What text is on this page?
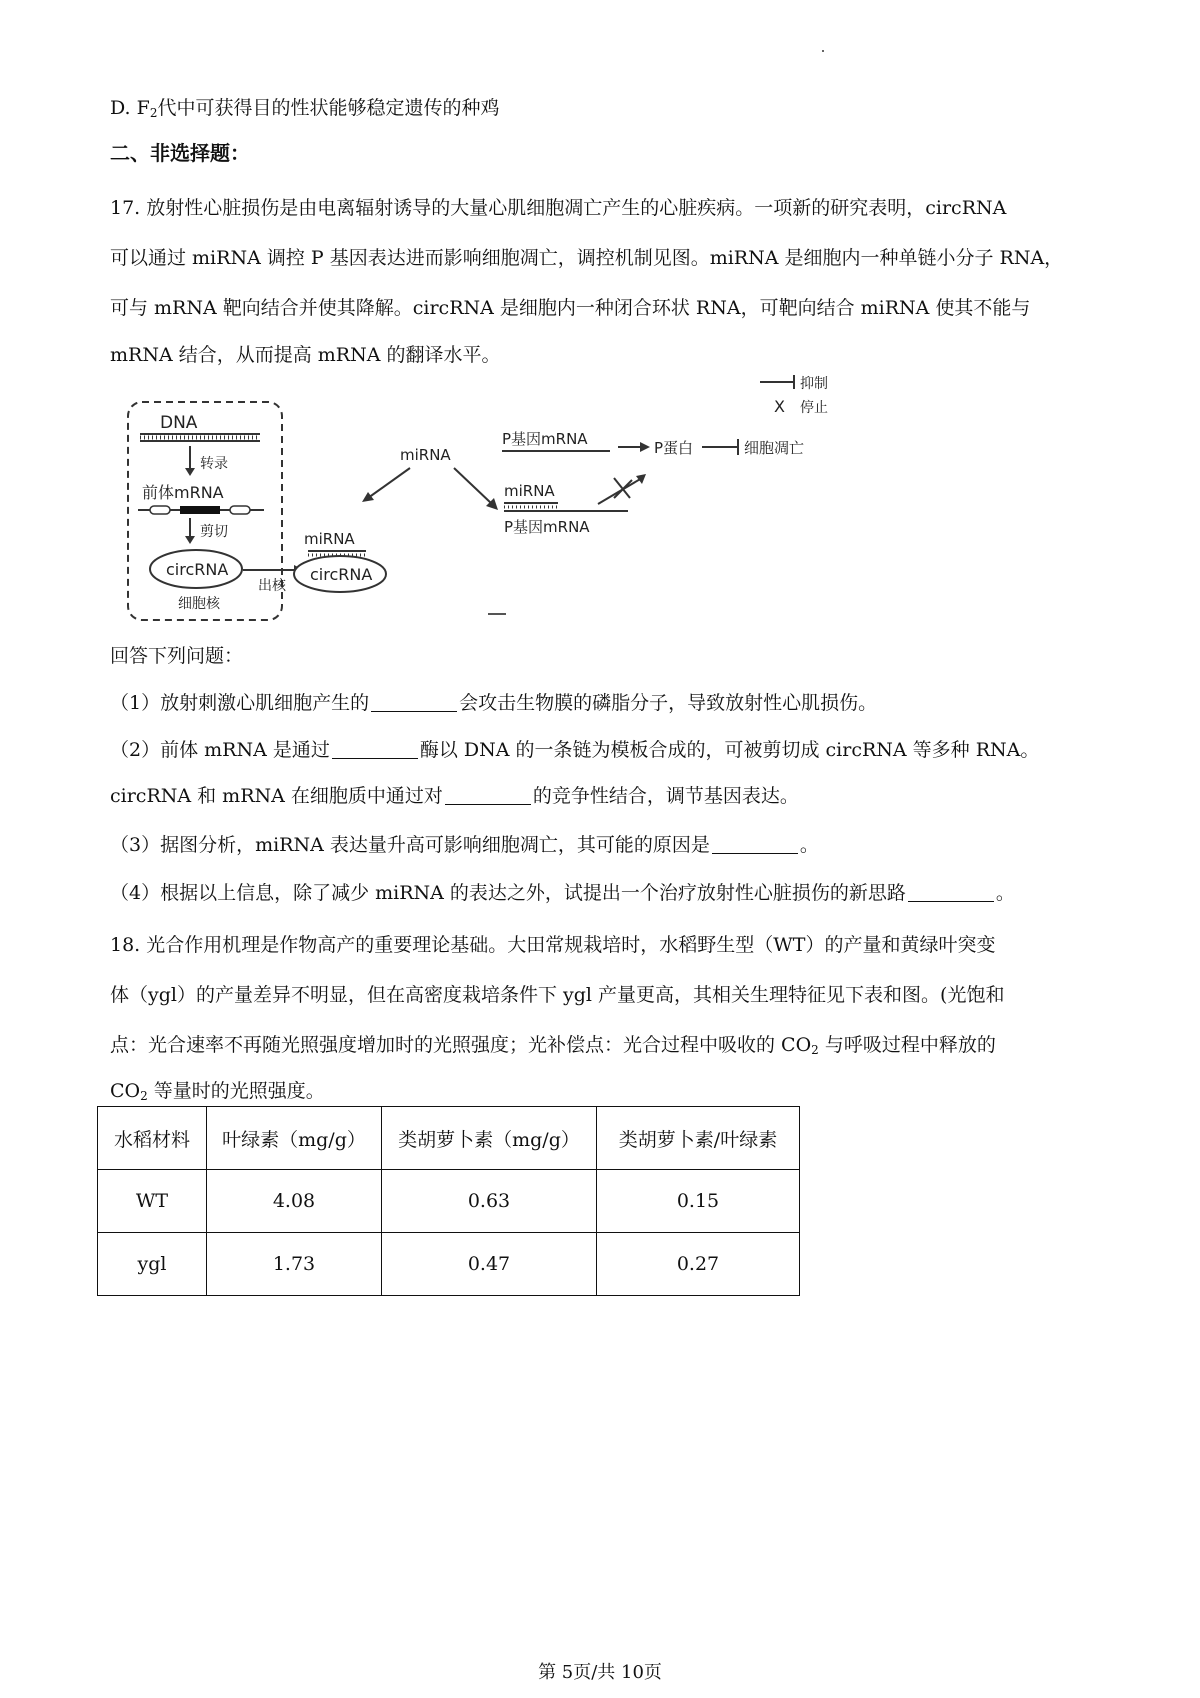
D. $F_2$代中可获得目的性状能够稳定遗传的种鸡
二、非选择题：
17. 放射性心脏损伤是由电离辐射诱导的大量心肌细胞凋亡产生的心脏疾病。一项新的研究表明，circRNA
可以通过 miRNA 调控 P 基因表达进而影响细胞凋亡，调控机制见图。miRNA 是细胞内一种单链小分子 RNA，
可与 mRNA 靶向结合并使其降解。circRNA 是细胞内一种闭合环状 RNA，可靶向结合 miRNA 使其不能与
mRNA 结合，从而提高 mRNA 的翻译水平。
DNA
转录
前体mRNA
剪切
circRNA
细胞核
出核
miRNA
circRNA
miRNA
P基因mRNA	P蛋白	细胞凋亡
miRNA
P基因mRNA
抑制
X 停止
回答下列问题：
（1）放射刺激心肌细胞产生的	会攻击生物膜的磷脂分子，导致放射性心肌损伤。
（2）前体 mRNA 是通过	酶以 DNA 的一条链为模板合成的，可被剪切成 circRNA 等多种 RNA。
circRNA 和 mRNA 在细胞质中通过对	的竞争性结合，调节基因表达。
（3）据图分析，miRNA 表达量升高可影响细胞凋亡，其可能的原因是	。
（4）根据以上信息，除了减少 miRNA 的表达之外，试提出一个治疗放射性心脏损伤的新思路	。
18. 光合作用机理是作物高产的重要理论基础。大田常规栽培时，水稻野生型（WT）的产量和黄绿叶突变
体（ygl）的产量差异不明显，但在高密度栽培条件下 ygl 产量更高，其相关生理特征见下表和图。(光饱和
点：光合速率不再随光照强度增加时的光照强度；光补偿点：光合过程中吸收的 $CO_2$ 与呼吸过程中释放的
$CO_2$ 等量时的光照强度。
水稻材料	叶绿素（mg/g）	类胡萝卜素（mg/g）	类胡萝卜素/叶绿素
WT	4.08	0.63	0.15
ygl	1.73	0.47	0.27
第 5页/共 10页
